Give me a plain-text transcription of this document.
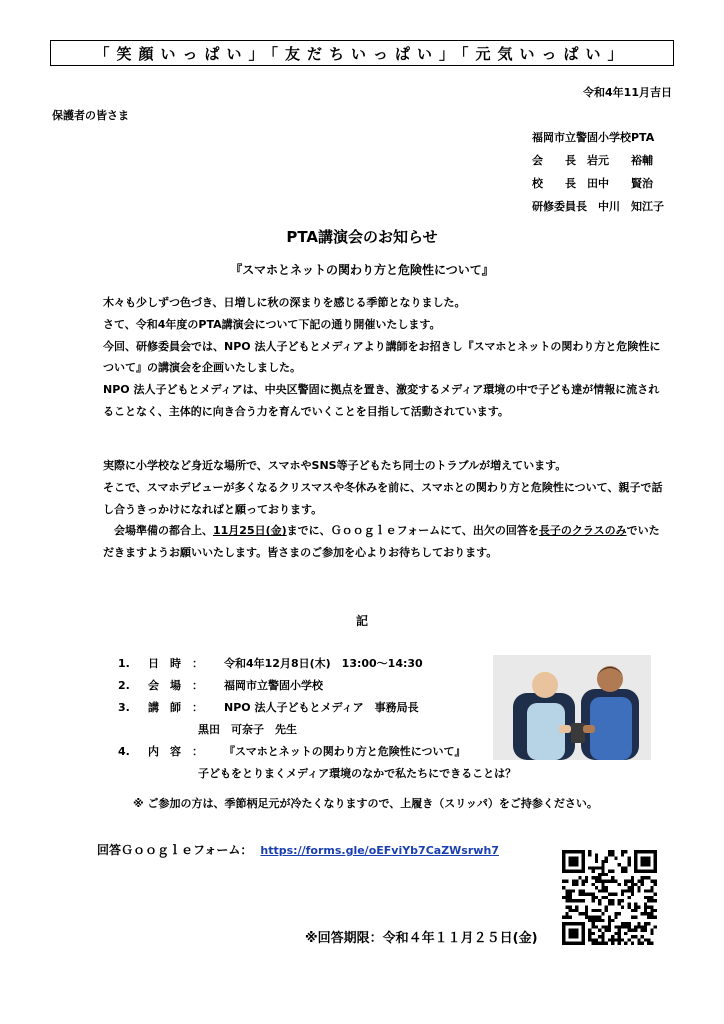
「笑顔いっぱい」「友だちいっぱい」「元気いっぱい」
令和4年11月吉日
保護者の皆さま
福岡市立警固小学校PTA
会　　長　岩元　　裕輔
校　　長　田中　　賢治
研修委員長　中川　知江子
PTA講演会のお知らせ
『スマホとネットの関わり方と危険性について』

木々も少しずつ色づき、日増しに秋の深まりを感じる季節となりました。

さて、令和4年度のPTA講演会について下記の通り開催いたします。

今回、研修委員会では、NPO 法人子どもとメディアより講師をお招きし『スマホとネットの関わり方と危険性について』の講演会を企画いたしました。

NPO 法人子どもとメディアは、中央区警固に拠点を置き、激変するメディア環境の中で子ども達が情報に流されることなく、主体的に向き合う力を育んでいくことを目指して活動されています。

実際に小学校など身近な場所で、スマホやSNS等子どもたち同士のトラブルが増えています。

そこで、スマホデビューが多くなるクリスマスや冬休みを前に、スマホとの関わり方と危険性について、親子で話し合うきっかけになればと願っております。

　会場準備の都合上、11月25日(金)までに、Ｇｏｏｇｌｅフォームにて、出欠の回答を長子のクラスのみでいただきますようお願いいたします。皆さまのご参加を心よりお待ちしております。

記
1.	日　時　：	令和4年12月8日(木)　13:00～14:30
2.	会　場　：	福岡市立警固小学校
3.	講　師　：	NPO 法人子どもとメディア　事務局長
黒田　可奈子　先生
4.	内　容　：	『スマホとネットの関わり方と危険性について』
子どもをとりまくメディア環境のなかで私たちにできることは？
※ ご参加の方は、季節柄足元が冷たくなりますので、上履き（スリッパ）をご持参ください。
回答Ｇｏｏｇｌｅフォーム： https://forms.gle/oEFviYb7CaZWsrwh7
※回答期限：令和４年１１月２５日(金)
